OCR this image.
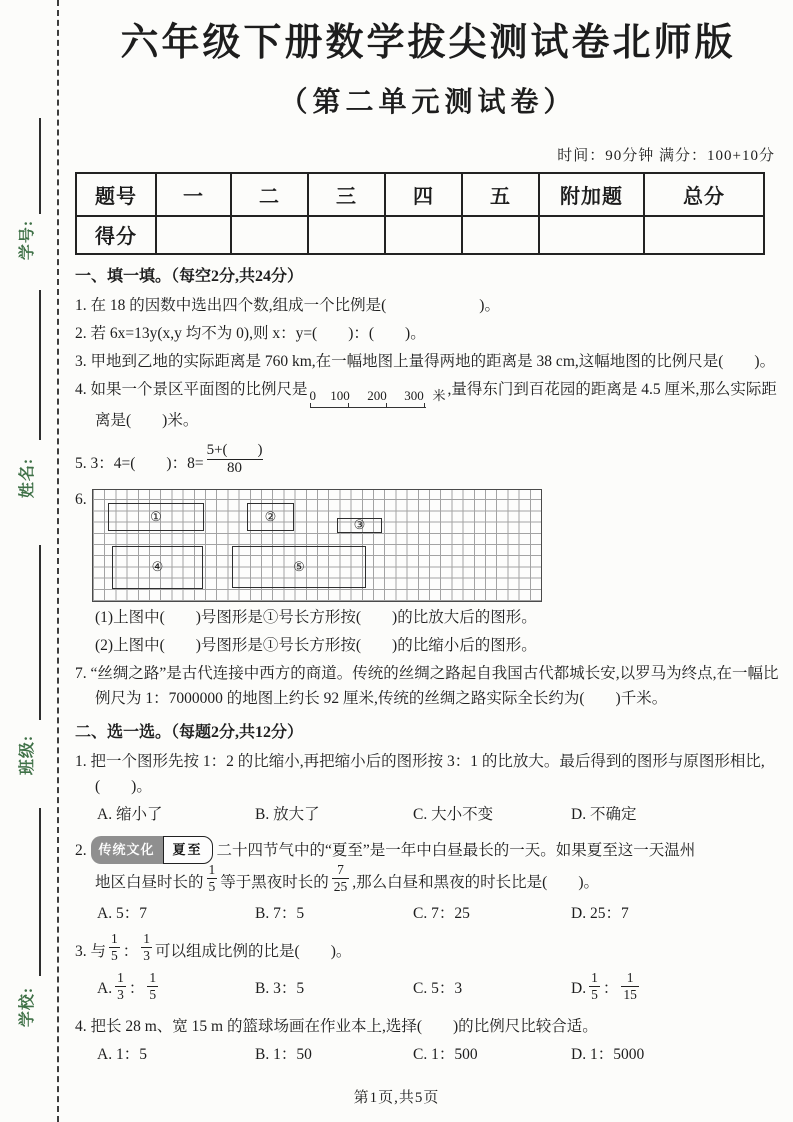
学号:
姓名:
班级:
学校:
六年级下册数学拔尖测试卷北师版
（第二单元测试卷）
时间：90分钟 满分：100+10分
题号	一	二	三	四	五	附加题	总分
得分							
一、填一填。（每空2分,共24分）
1. 在 18 的因数中选出四个数,组成一个比例是(　　　　　　)。
2. 若 6x=13y(x,y 均不为 0),则 x：y=(　　)：(　　)。
3. 甲地到乙地的实际距离是 760 km,在一幅地图上量得两地的距离是 38 cm,这幅地图的比例尺是(　　)。
4. 如果一个景区平面图的比例尺是 0	100	200	300 米 ,量得东门到百花园的距离是 4.5 厘米,那么实际距离是(　　)米。
5. 3：4=(　　)：$8= \frac{5+( )}{80}$
6.
①	②
③
④	⑤
(1)上图中(　　)号图形是①号长方形按(　　)的比放大后的图形。
(2)上图中(　　)号图形是①号长方形按(　　)的比缩小后的图形。
7. “丝绸之路”是古代连接中西方的商道。传统的丝绸之路起自我国古代都城长安,以罗马为终点,在一幅比例尺为 1：7000000 的地图上约长 92 厘米,传统的丝绸之路实际全长约为(　　)千米。
二、选一选。（每题2分,共12分）
1. 把一个图形先按 1：2 的比缩小,再把缩小后的图形按 3：1 的比放大。最后得到的图形与原图形相比,(　　)。
A. 缩小了	B. 放大了	C. 大小不变	D. 不确定
2. 传统文化 夏至 二十四节气中的“夏至”是一年中白昼最长的一天。如果夏至这一天温州
地区白昼时长的 $\frac{1}{5}$ 等于黑夜时长的 $\frac{7}{25}$ ,那么白昼和黑夜的时长比是(　　)。
A. 5：7	B. 7：5	C. 7：25	D. 25：7
3. 与 $\frac{1}{5}$ ： $\frac{1}{3}$ 可以组成比例的比是(　　)。
A. $\frac{1}{3}$ ： $\frac{1}{5}$	B. 3：5	C. 5：3	D. $\frac{1}{5}$ ： $\frac{1}{15}$
4. 把长 28 m、宽 15 m 的篮球场画在作业本上,选择(　　)的比例尺比较合适。
A. 1：5	B. 1：50	C. 1：500	D. 1：5000
第1页,共5页
